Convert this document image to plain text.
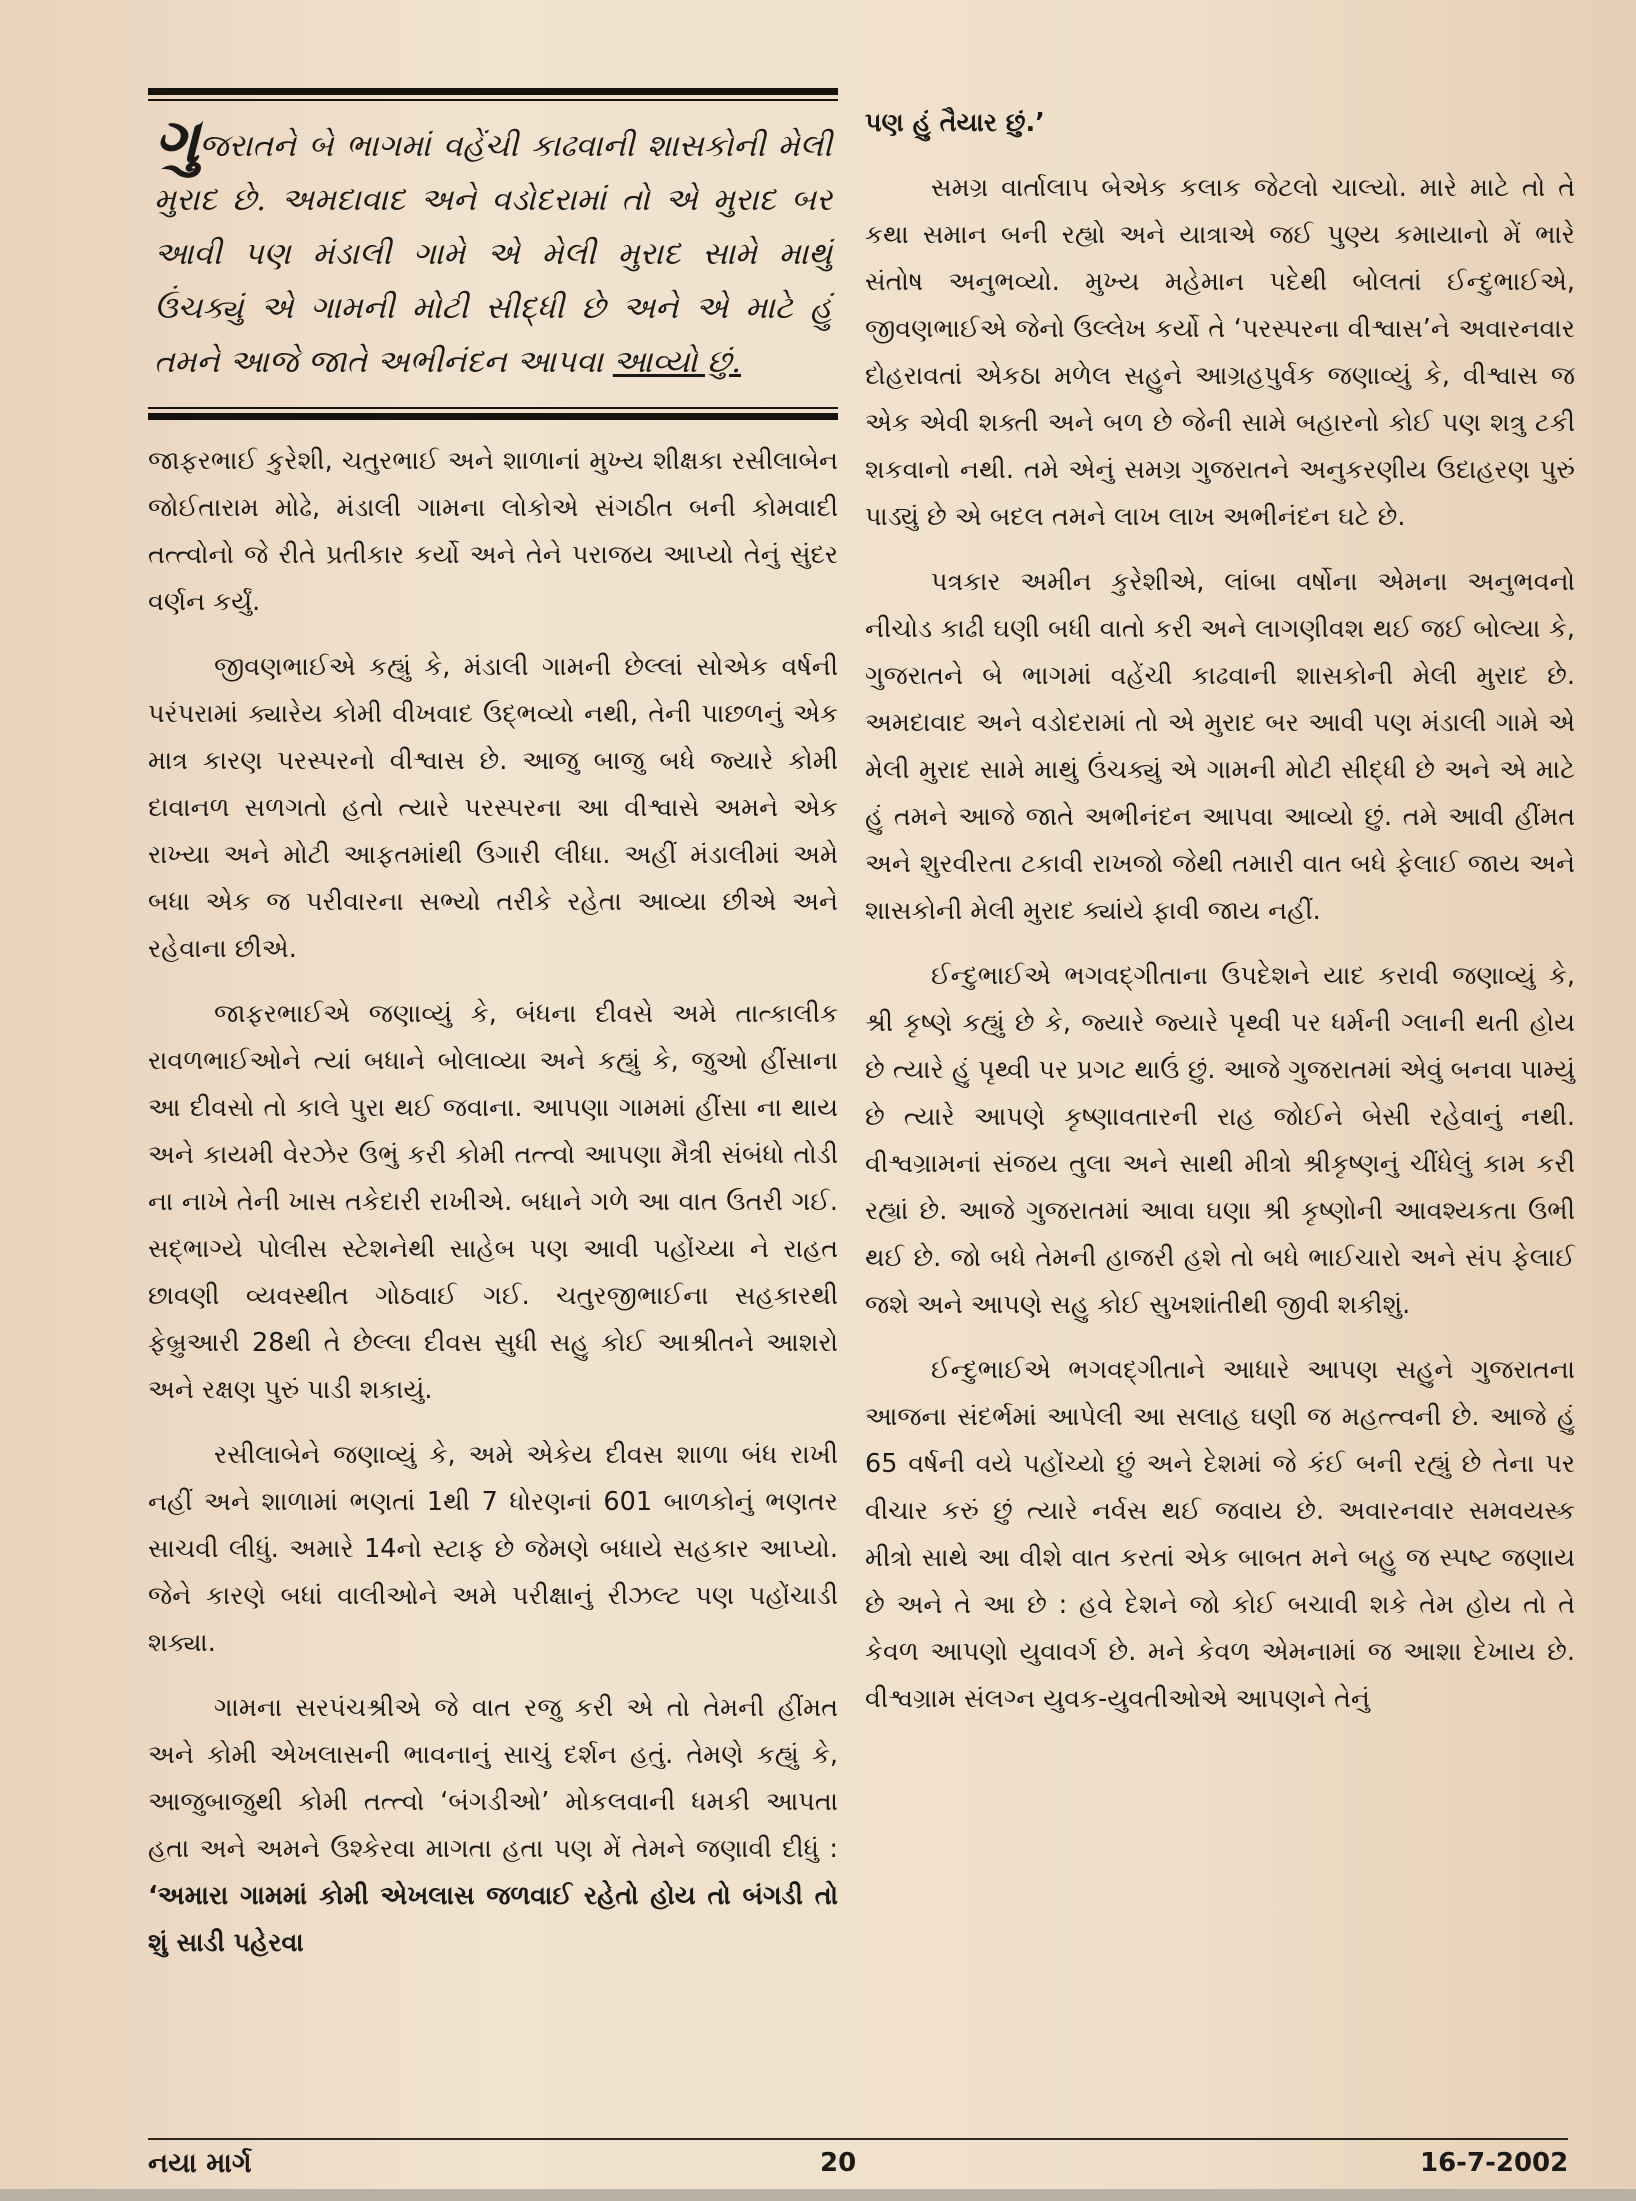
ગુજરાતને બે ભાગમાં વહેંચી કાઢવાની શાસકોની મેલી મુરાદ છે. અમદાવાદ અને વડોદરામાં તો એ મુરાદ બર આવી પણ મંડાલી ગામે એ મેલી મુરાદ સામે માથું ઉંચક્યું એ ગામની મોટી સીદ્ધી છે અને એ માટે હું તમને આજે જાતે અભીનંદન આપવા આવ્યો છું.

જાફરભાઈ કુરેશી, ચતુરભાઈ અને શાળાનાં મુખ્ય શીક્ષકા રસીલાબેન જોઈતારામ મોઢે, મંડાલી ગામના લોકોએ સંગઠીત બની કોમવાદી તત્ત્વોનો જે રીતે પ્રતીકાર કર્યો અને તેને પરાજય આપ્યો તેનું સુંદર વર્ણન કર્યું.

જીવણભાઈએ કહ્યું કે, મંડાલી ગામની છેલ્લાં સોએક વર્ષની પરંપરામાં ક્યારેય કોમી વીખવાદ ઉદ્ભવ્યો નથી, તેની પાછળનું એક માત્ર કારણ પરસ્પરનો વીશ્વાસ છે. આજુ બાજુ બધે જ્યારે કોમી દાવાનળ સળગતો હતો ત્યારે પરસ્પરના આ વીશ્વાસે અમને એક રાખ્યા અને મોટી આફતમાંથી ઉગારી લીધા. અહીં મંડાલીમાં અમે બધા એક જ પરીવારના સભ્યો તરીકે રહેતા આવ્યા છીએ અને રહેવાના છીએ.

જાફરભાઈએ જણાવ્યું કે, બંધના દીવસે અમે તાત્કાલીક રાવળભાઈઓને ત્યાં બધાને બોલાવ્યા અને કહ્યું કે, જુઓ હીંસાના આ દીવસો તો કાલે પુરા થઈ જવાના. આપણા ગામમાં હીંસા ના થાય અને કાયમી વેરઝેર ઉભું કરી કોમી તત્ત્વો આપણા મૈત્રી સંબંધો તોડી ના નાખે તેની ખાસ તકેદારી રાખીએ. બધાને ગળે આ વાત ઉતરી ગઈ. સદ્ભાગ્યે પોલીસ સ્ટેશનેથી સાહેબ પણ આવી પહોંચ્યા ને રાહત છાવણી વ્યવસ્થીત ગોઠવાઈ ગઈ. ચતુરજીભાઈના સહકારથી ફેબ્રુઆરી 28થી તે છેલ્લા દીવસ સુધી સહુ કોઈ આશ્રીતને આશરો અને રક્ષણ પુરું પાડી શકાયું.

રસીલાબેને જણાવ્યું કે, અમે એકેય દીવસ શાળા બંધ રાખી નહીં અને શાળામાં ભણતાં 1થી 7 ધોરણનાં 601 બાળકોનું ભણતર સાચવી લીધું. અમારે 14નો સ્ટાફ છે જેમણે બધાયે સહકાર આપ્યો. જેને કારણે બધાં વાલીઓને અમે પરીક્ષાનું રીઝલ્ટ પણ પહોંચાડી શક્યા.

ગામના સરપંચશ્રીએ જે વાત રજુ કરી એ તો તેમની હીંમત અને કોમી એખલાસની ભાવનાનું સાચું દર્શન હતું. તેમણે કહ્યું કે, આજુબાજુથી કોમી તત્ત્વો ‘બંગડીઓ’ મોકલવાની ધમકી આપતા હતા અને અમને ઉશ્કેરવા માગતા હતા પણ મેં તેમને જણાવી દીધું : ‘અમારા ગામમાં કોમી એખલાસ જળવાઈ રહેતો હોય તો બંગડી તો શું સાડી પહેરવા

પણ હું તૈયાર છું.’

સમગ્ર વાર્તાલાપ બેએક કલાક જેટલો ચાલ્યો. મારે માટે તો તે કથા સમાન બની રહ્યો અને યાત્રાએ જઈ પુણ્ય કમાયાનો મેં ભારે સંતોષ અનુભવ્યો. મુખ્ય મહેમાન પદેથી બોલતાં ઈન્દુભાઈએ, જીવણભાઈએ જેનો ઉલ્લેખ કર્યો તે ‘પરસ્પરના વીશ્વાસ’ને અવારનવાર દોહરાવતાં એકઠા મળેલ સહુને આગ્રહપુર્વક જણાવ્યું કે, વીશ્વાસ જ એક એવી શક્તી અને બળ છે જેની સામે બહારનો કોઈ પણ શત્રુ ટકી શકવાનો નથી. તમે એનું સમગ્ર ગુજરાતને અનુકરણીય ઉદાહરણ પુરું પાડ્યું છે એ બદલ તમને લાખ લાખ અભીનંદન ઘટે છે.

પત્રકાર અમીન કુરેશીએ, લાંબા વર્ષોના એમના અનુભવનો નીચોડ કાઢી ઘણી બધી વાતો કરી અને લાગણીવશ થઈ જઈ બોલ્યા કે, ગુજરાતને બે ભાગમાં વહેંચી કાઢવાની શાસકોની મેલી મુરાદ છે. અમદાવાદ અને વડોદરામાં તો એ મુરાદ બર આવી પણ મંડાલી ગામે એ મેલી મુરાદ સામે માથું ઉંચક્યું એ ગામની મોટી સીદ્ધી છે અને એ માટે હું તમને આજે જાતે અભીનંદન આપવા આવ્યો છું. તમે આવી હીંમત અને શુરવીરતા ટકાવી રાખજો જેથી તમારી વાત બધે ફેલાઈ જાય અને શાસકોની મેલી મુરાદ ક્યાંયે ફાવી જાય નહીં.

ઈન્દુભાઈએ ભગવદ્ગીતાના ઉપદેશને યાદ કરાવી જણાવ્યું કે, શ્રી કૃષ્ણે કહ્યું છે કે, જ્યારે જ્યારે પૃથ્વી પર ધર્મની ગ્લાની થતી હોય છે ત્યારે હું પૃથ્વી પર પ્રગટ થાઉં છું. આજે ગુજરાતમાં એવું બનવા પામ્યું છે ત્યારે આપણે કૃષ્ણાવતારની રાહ જોઈને બેસી રહેવાનું નથી. વીશ્વગ્રામનાં સંજય તુલા અને સાથી મીત્રો શ્રીકૃષ્ણનું ચીંધેલું કામ કરી રહ્યાં છે. આજે ગુજરાતમાં આવા ઘણા શ્રી કૃષ્ણોની આવશ્યકતા ઉભી થઈ છે. જો બધે તેમની હાજરી હશે તો બધે ભાઈચારો અને સંપ ફેલાઈ જશે અને આપણે સહુ કોઈ સુખશાંતીથી જીવી શકીશું.

ઈન્દુભાઈએ ભગવદ્ગીતાને આધારે આપણ સહુને ગુજરાતના આજના સંદર્ભમાં આપેલી આ સલાહ ઘણી જ મહત્ત્વની છે. આજે હું 65 વર્ષની વયે પહોંચ્યો છું અને દેશમાં જે કંઈ બની રહ્યું છે તેના પર વીચાર કરું છું ત્યારે નર્વસ થઈ જવાય છે. અવારનવાર સમવયસ્ક મીત્રો સાથે આ વીશે વાત કરતાં એક બાબત મને બહુ જ સ્પષ્ટ જણાય છે અને તે આ છે : હવે દેશને જો કોઈ બચાવી શકે તેમ હોય તો તે કેવળ આપણો યુવાવર્ગ છે. મને કેવળ એમનામાં જ આશા દેખાય છે. વીશ્વગ્રામ સંલગ્ન યુવક-યુવતીઓએ આપણને તેનું

નયા માર્ગ	20	16-7-2002
